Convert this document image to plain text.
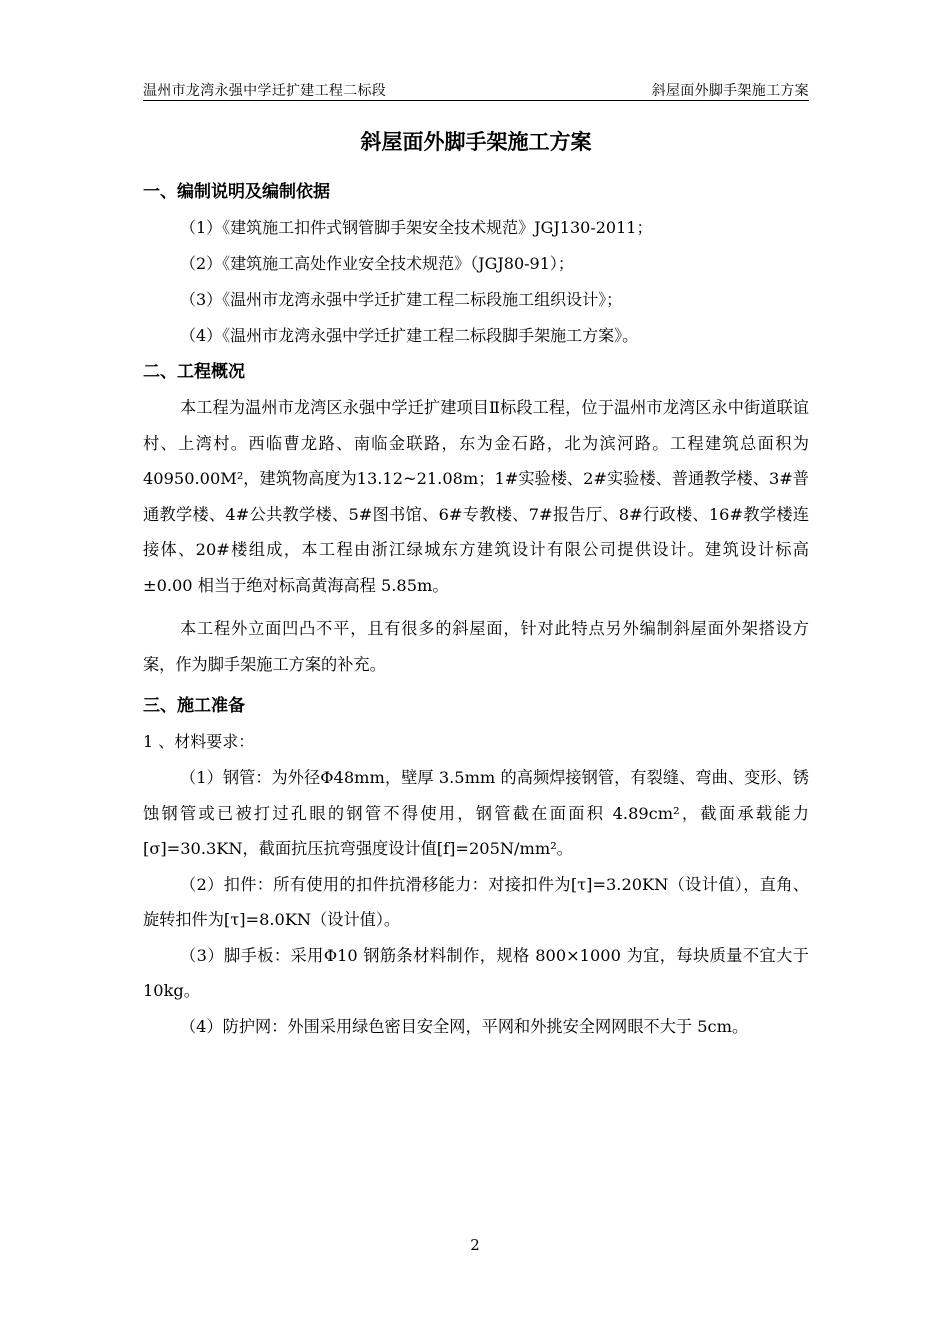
温州市龙湾永强中学迁扩建工程二标段	斜屋面外脚手架施工方案
斜屋面外脚手架施工方案

一、编制说明及编制依据

（1）《建筑施工扣件式钢管脚手架安全技术规范》JGJ130-2011；

（2）《建筑施工高处作业安全技术规范》（JGJ80-91）；

（3）《温州市龙湾永强中学迁扩建工程二标段施工组织设计》；

（4）《温州市龙湾永强中学迁扩建工程二标段脚手架施工方案》。

二、工程概况

本工程为温州市龙湾区永强中学迁扩建项目Ⅱ标段工程，位于温州市龙湾区永中街道联谊村、上湾村。西临曹龙路、南临金联路，东为金石路，北为滨河路。工程建筑总面积为40950.00M²，建筑物高度为13.12~21.08m；1#实验楼、2#实验楼、普通教学楼、3#普通教学楼、4#公共教学楼、5#图书馆、6#专教楼、7#报告厅、8#行政楼、16#教学楼连接体、20#楼组成，本工程由浙江绿城东方建筑设计有限公司提供设计。建筑设计标高±0.00 相当于绝对标高黄海高程 5.85m。

本工程外立面凹凸不平，且有很多的斜屋面，针对此特点另外编制斜屋面外架搭设方案，作为脚手架施工方案的补充。

三、施工准备

1 、材料要求：

（1）钢管：为外径Φ48mm，壁厚 3.5mm 的高频焊接钢管，有裂缝、弯曲、变形、锈蚀钢管或已被打过孔眼的钢管不得使用，钢管截在面面积 4.89cm²，截面承载能力[σ]=30.3KN，截面抗压抗弯强度设计值[f]=205N/mm²。

（2）扣件：所有使用的扣件抗滑移能力：对接扣件为[τ]=3.20KN（设计值），直角、旋转扣件为[τ]=8.0KN（设计值）。

（3）脚手板：采用Φ10 钢筋条材料制作，规格 800×1000 为宜，每块质量不宜大于 10kg。

（4）防护网：外围采用绿色密目安全网，平网和外挑安全网网眼不大于 5cm。

2
